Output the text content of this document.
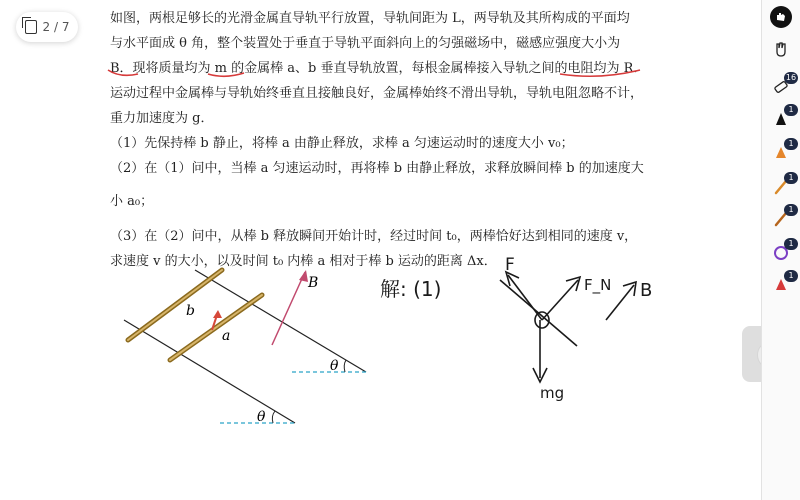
2 / 7

如图，两根足够长的光滑金属直导轨平行放置，导轨间距为 L，两导轨及其所构成的平面均

与水平面成 θ 角，整个装置处于垂直于导轨平面斜向上的匀强磁场中，磁感应强度大小为

B．现将质量均为 m 的金属棒 a、b 垂直导轨放置，每根金属棒接入导轨之间的电阻均为 R．

运动过程中金属棒与导轨始终垂直且接触良好，金属棒始终不滑出导轨，导轨电阻忽略不计，

重力加速度为 g．

（1）先保持棒 b 静止，将棒 a 由静止释放，求棒 a 匀速运动时的速度大小 v₀；

（2）在（1）问中，当棒 a 匀速运动时，再将棒 b 由静止释放，求释放瞬间棒 b 的加速度大

小 a₀；

（3）在（2）问中，从棒 b 释放瞬间开始计时，经过时间 t₀，两棒恰好达到相同的速度 v，

求速度 v 的大小，以及时间 t₀ 内棒 a 相对于棒 b 运动的距离 Δx．

b
a
B
θ
θ
解: (1)
F
F_N
mg
B
16
1
1
1
1
1
1
